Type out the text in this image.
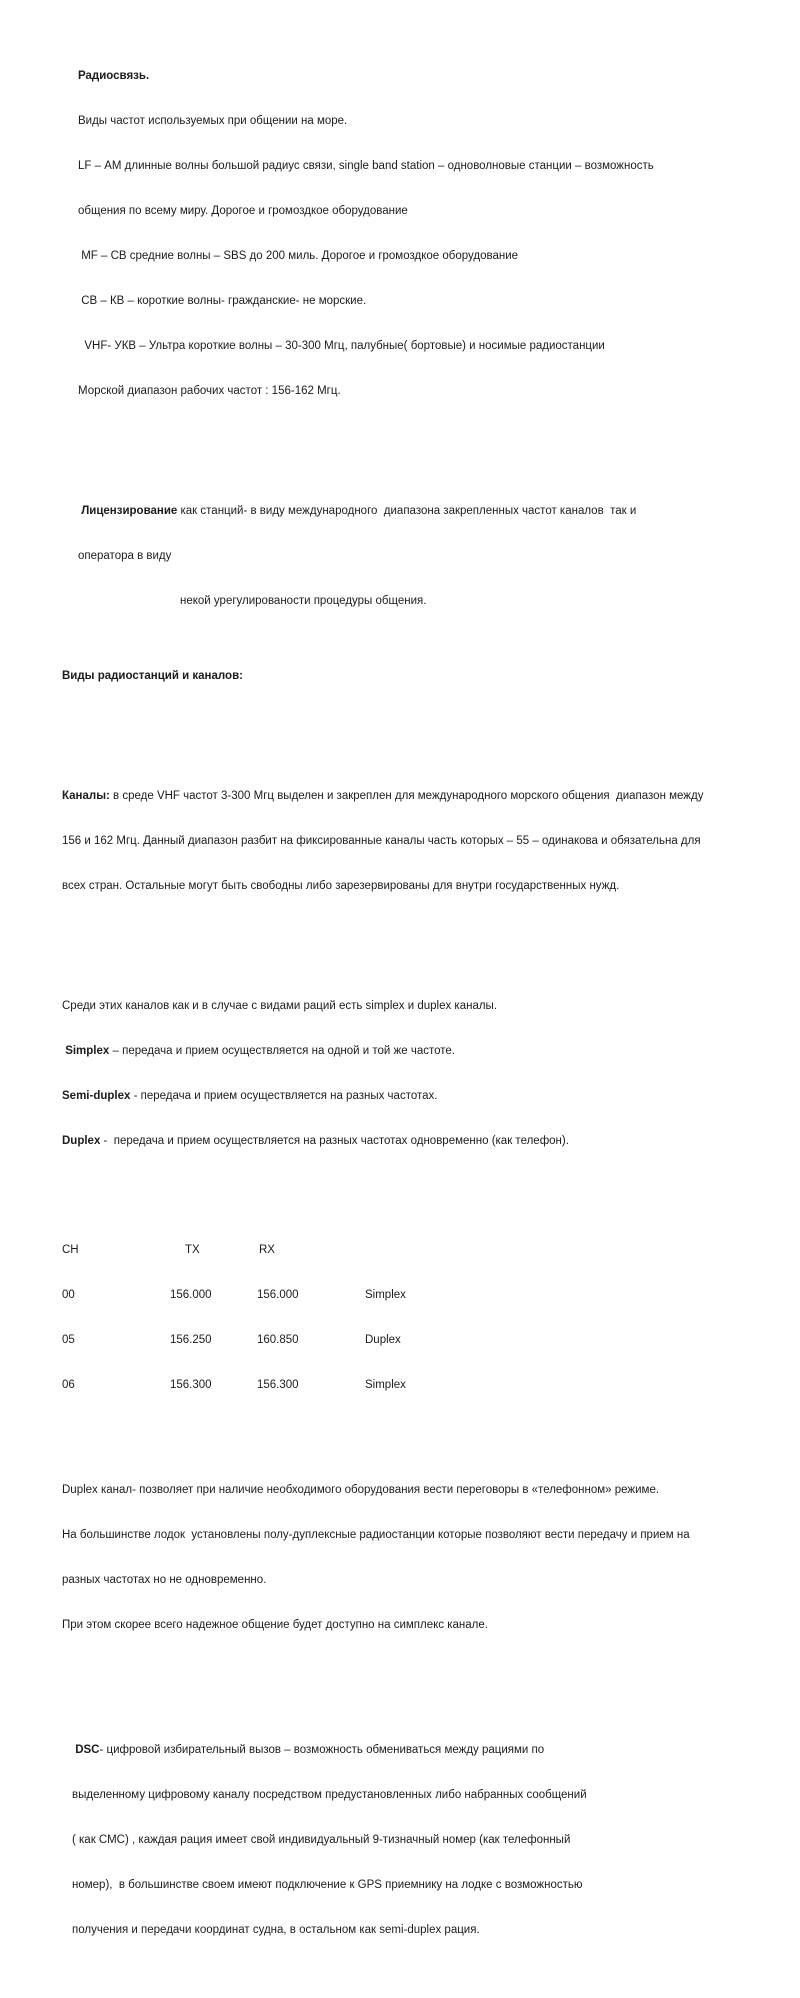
Радиосвязь.

Виды частот используемых при общении на море.

LF – АМ длинные волны большой радиус связи, single band station – одноволновые станции – возможность

общения по всему миру. Дорогое и громоздкое оборудование

MF – СВ средние волны – SBS до 200 миль. Дорогое и громоздкое оборудование

СВ – КВ – короткие волны- гражданские- не морские.

VHF- УКВ – Ультра короткие волны – 30-300 Мгц, палубные( бортовые) и носимые радиостанции

Морской диапазон рабочих частот : 156-162 Мгц.

Лицензирование как станций- в виду международного  диапазона закрепленных частот каналов  так и

оператора в виду

некой урегулированости процедуры общения.

Виды радиостанций и каналов:

Каналы: в среде VHF частот 3-300 Мгц выделен и закреплен для международного морского общения  диапазон между

156 и 162 Мгц. Данный диапазон разбит на фиксированные каналы часть которых – 55 – одинакова и обязательна для

всех стран. Остальные могут быть свободны либо зарезервированы для внутри государственных нужд.

Среди этих каналов как и в случае с видами раций есть simplex и duplex каналы.

Simplex – передача и прием осуществляется на одной и той же частоте.

Semi-duplex - передача и прием осуществляется на разных частотах.

Duplex -  передача и прием осуществляется на разных частотах одновременно (как телефон).

CH	TX	RX

00	156.000	156.000	Simplex

05	156.250	160.850	Duplex

06	156.300	156.300	Simplex

Duplex канал- позволяет при наличие необходимого оборудования вести переговоры в «телефонном» режиме.

На большинстве лодок  установлены полу-дуплексные радиостанции которые позволяют вести передачу и прием на

разных частотах но не одновременно.

При этом скорее всего надежное общение будет доступно на симплекс канале.

DSC- цифровой избирательный вызов – возможность обмениваться между рациями по

выделенному цифровому каналу посредством предустановленных либо набранных сообщений

( как СМС) , каждая рация имеет свой индивидуальный 9-тизначный номер (как телефонный

номер),  в большинстве своем имеют подключение к GPS приемнику на лодке с возможностью

получения и передачи координат судна, в остальном как semi-duplex рация.
